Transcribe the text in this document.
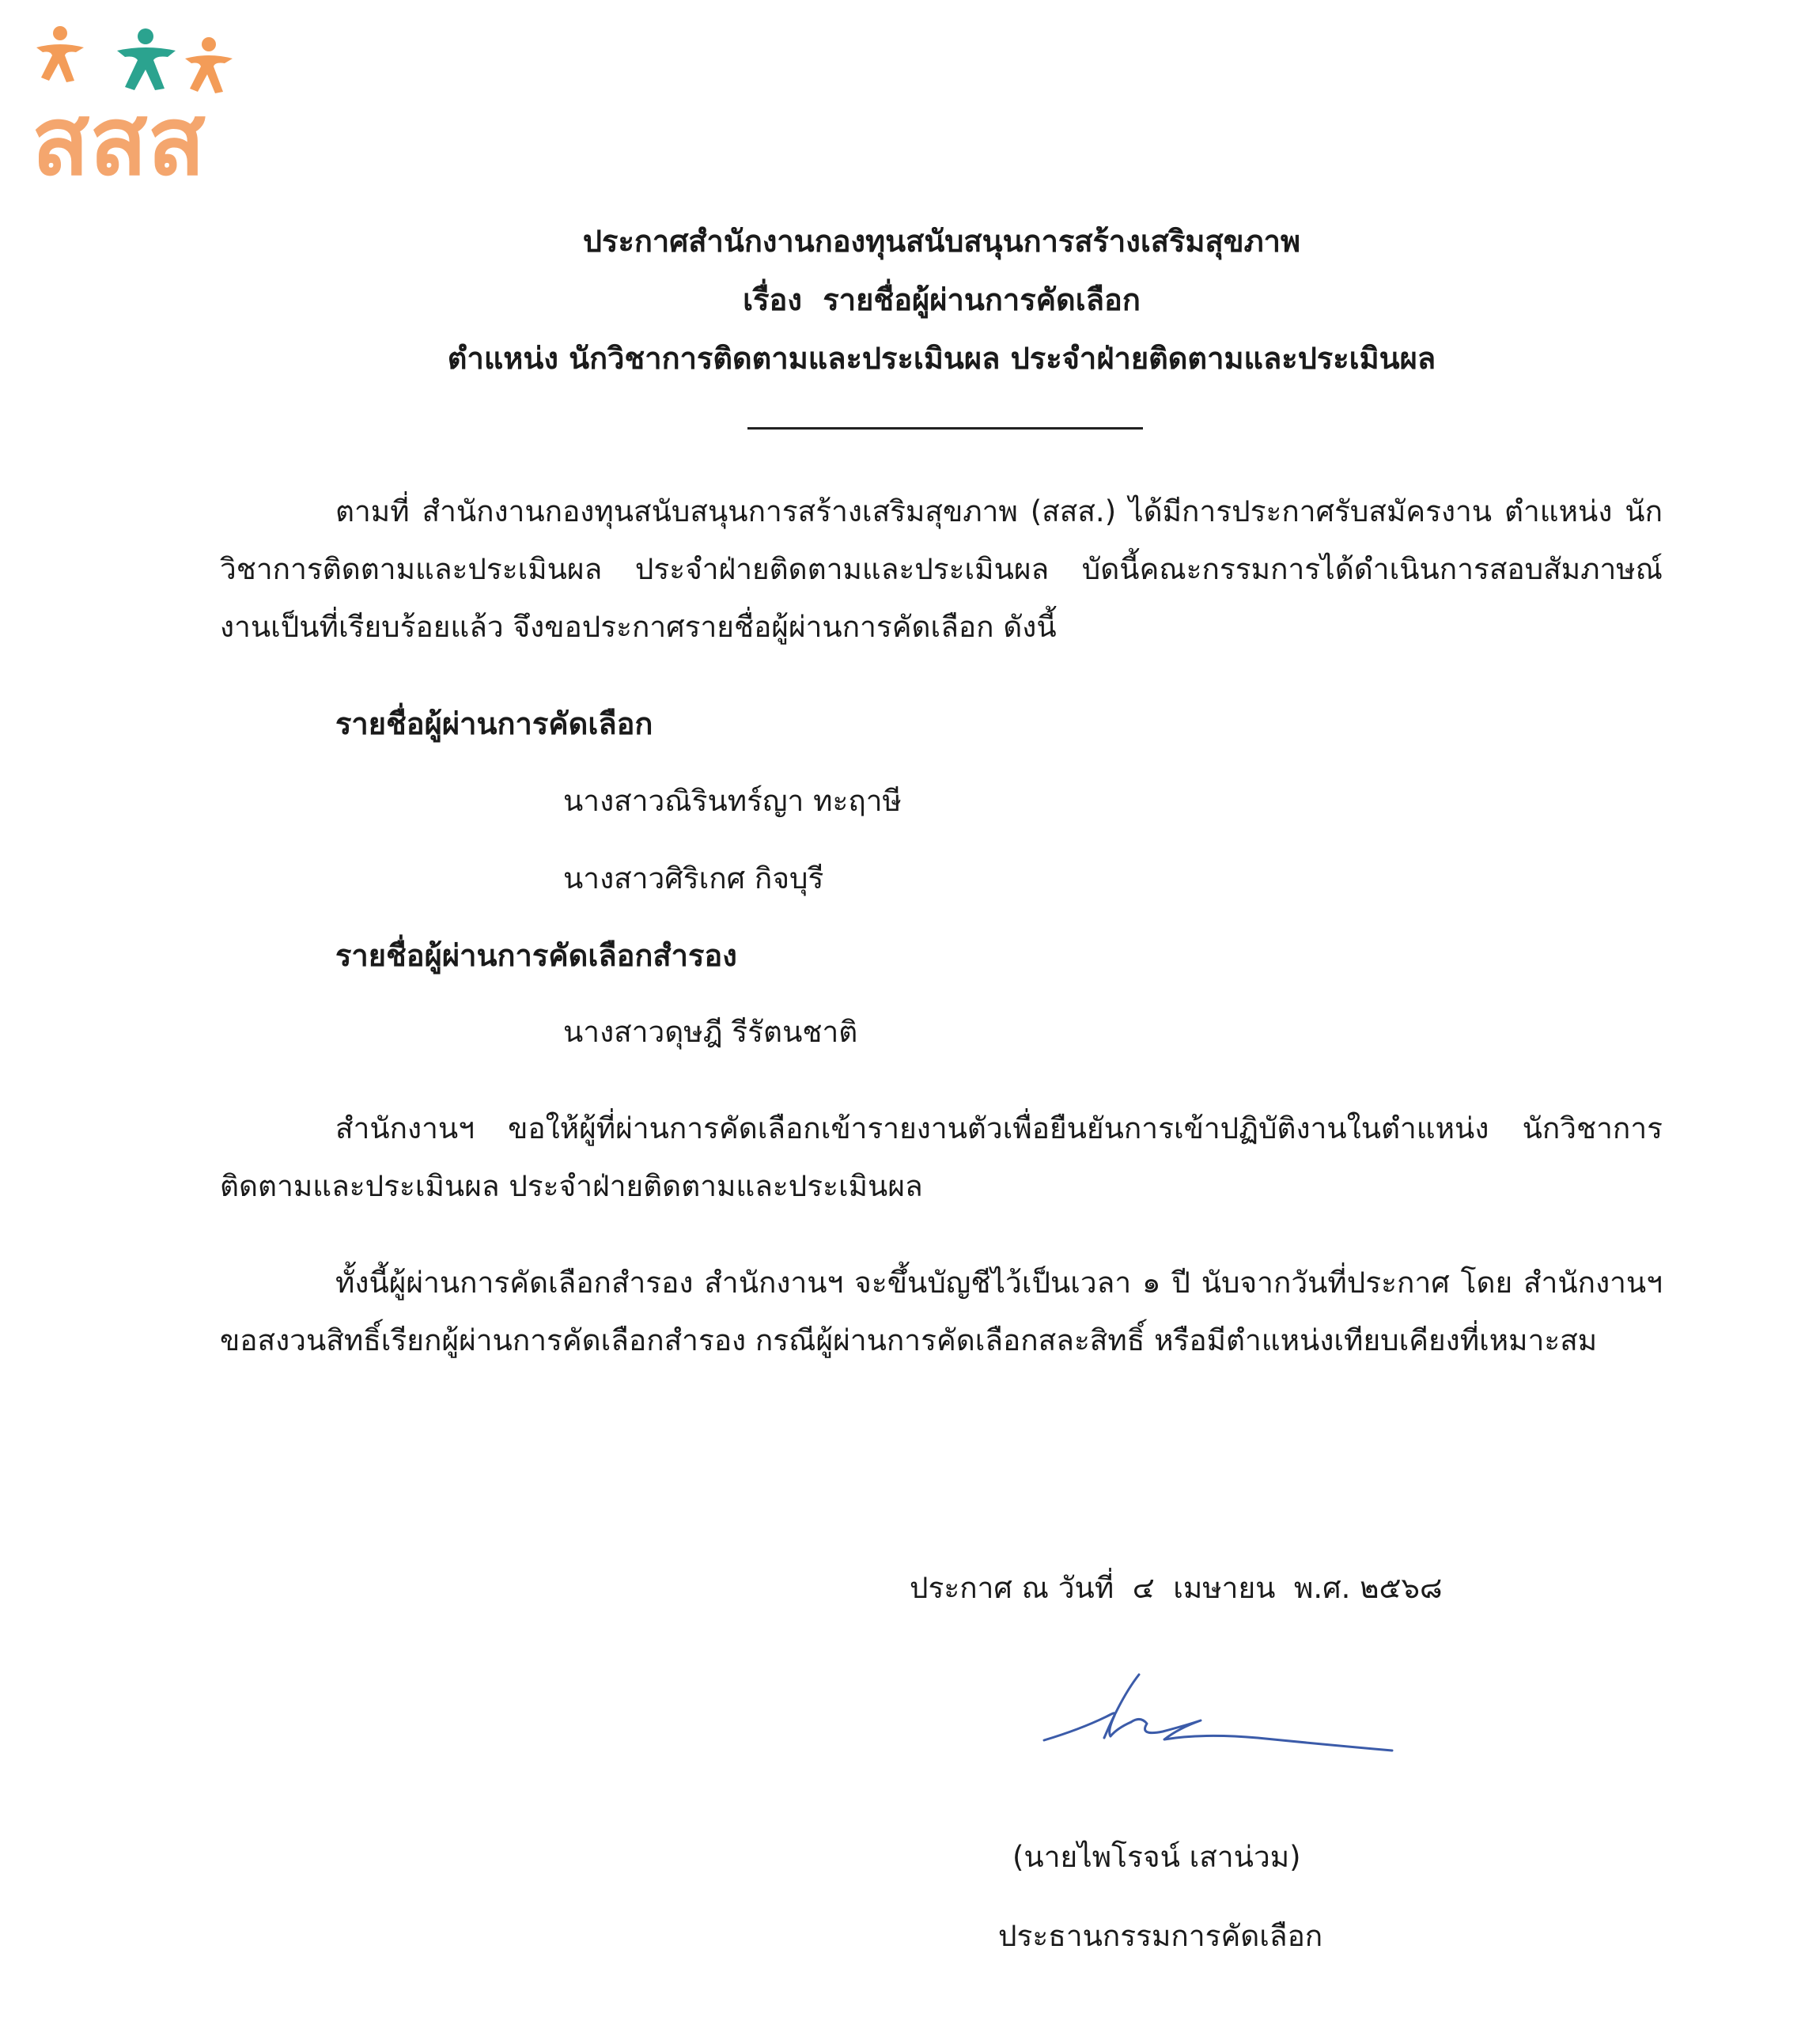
สสส
ประกาศสำนักงานกองทุนสนับสนุนการสร้างเสริมสุขภาพ
เรื่อง  รายชื่อผู้ผ่านการคัดเลือก
ตำแหน่ง นักวิชาการติดตามและประเมินผล ประจำฝ่ายติดตามและประเมินผล
ตามที่ สำนักงานกองทุนสนับสนุนการสร้างเสริมสุขภาพ (สสส.) ได้มีการประกาศรับสมัครงาน ตำแหน่ง นักวิชาการติดตามและประเมินผล ประจำฝ่ายติดตามและประเมินผล บัดนี้คณะกรรมการได้ดำเนินการสอบสัมภาษณ์งานเป็นที่เรียบร้อยแล้ว จึงขอประกาศรายชื่อผู้ผ่านการคัดเลือก ดังนี้
รายชื่อผู้ผ่านการคัดเลือก
นางสาวณิรินทร์ญา ทะฤาษี
นางสาวศิริเกศ กิจบุรี
รายชื่อผู้ผ่านการคัดเลือกสำรอง
นางสาวดุษฎี รีรัตนชาติ
สำนักงานฯ ขอให้ผู้ที่ผ่านการคัดเลือกเข้ารายงานตัวเพื่อยืนยันการเข้าปฏิบัติงานในตำแหน่ง นักวิชาการติดตามและประเมินผล ประจำฝ่ายติดตามและประเมินผล
ทั้งนี้ผู้ผ่านการคัดเลือกสำรอง สำนักงานฯ จะขึ้นบัญชีไว้เป็นเวลา ๑ ปี นับจากวันที่ประกาศ โดย สำนักงานฯ ขอสงวนสิทธิ์เรียกผู้ผ่านการคัดเลือกสำรอง กรณีผู้ผ่านการคัดเลือกสละสิทธิ์ หรือมีตำแหน่งเทียบเคียงที่เหมาะสม
ประกาศ ณ วันที่  ๔  เมษายน  พ.ศ. ๒๕๖๘
(นายไพโรจน์ เสาน่วม)
ประธานกรรมการคัดเลือก
